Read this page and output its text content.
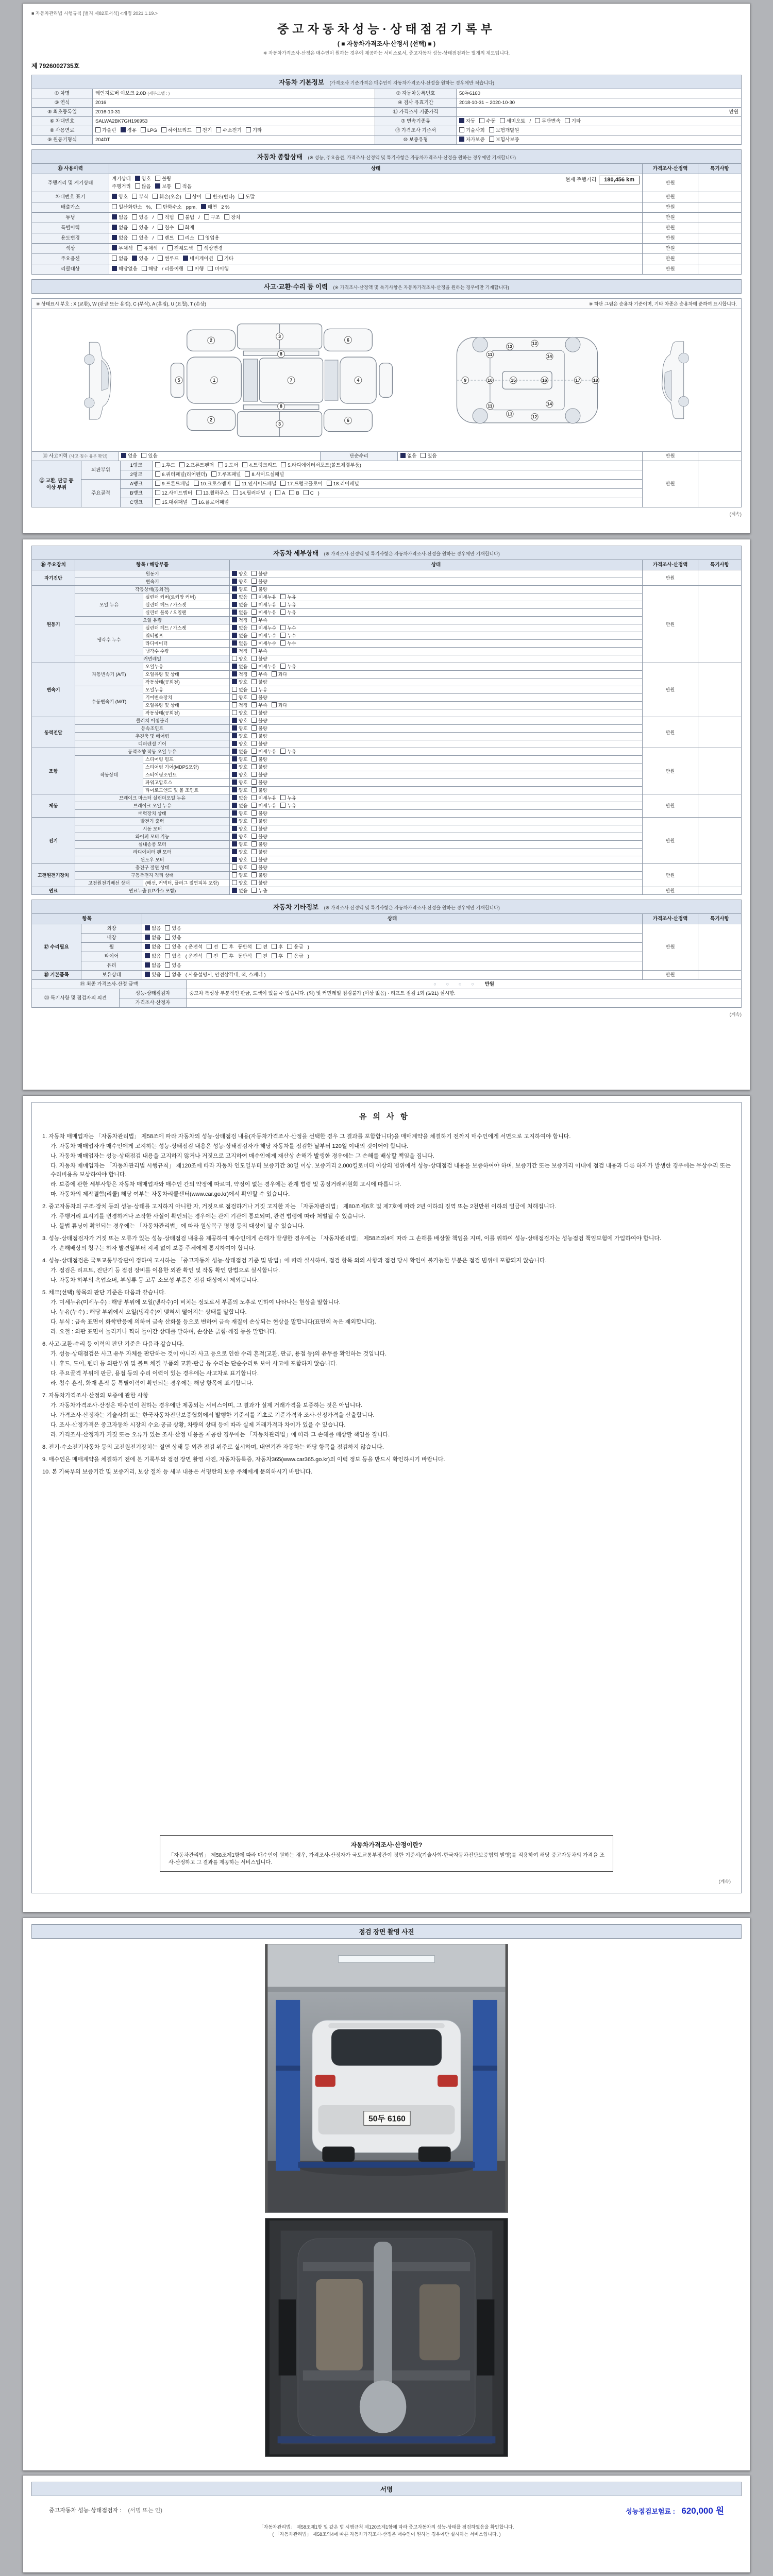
■ 자동차관리법 시행규칙 [별지 제82호서식] <개정 2021.1.19.>
중고자동차성능·상태점검기록부
( ■ 자동차가격조사·산정서 (선택) ■ )
※ 자동차가격조사·산정은 매수인이 원하는 경우에 제공하는 서비스로서, 중고자동차 성능·상태점검과는 별개의 제도입니다.
제 7926002735호
자동차 기본정보 (가격조사 기준가격은 매수인이 자동차가격조사·산정을 원하는 경우에만 적습니다)
① 차명	레인지로버 이보크 2.0D (세부모델 : )	② 자동차등록번호	50두6160
③ 연식	2016	④ 검사 유효기간	2018-10-31 ~ 2020-10-30
⑤ 최초등록일	2016-10-31	⑪ 가격조사 기준가격	만원
⑥ 차대번호	SALWA2BK7GH196953	⑦ 변속기종류	자동 수동 세미오토 / 무단변속 기타
⑧ 사용연료	가솔린 경유 LPG 하이브리드 전기 수소전기 기타	⑫ 가격조사 기준서	기술사회 보험개발원
⑨ 원동기형식	204DT	⑩ 보증유형	자가보증 보험사보증
자동차 종합상태 (※ 성능, 주요옵션, 가격조사·산정액 및 특기사항은 자동차가격조사·산정을 원하는 경우에만 기재합니다)
⑬ 사용이력	상태	가격조사·산정액	특기사항
주행거리 및 계기상태	현재 주행거리 180,456 km
계기상태 양호 불량
주행거리 많음 보통 적음	만원	
차대번호 표기	양호 부식 훼손(오손) 상이 변조(변타) 도말	만원	
배출가스	일산화탄소 %, 탄화수소 ppm, 매연 2 %	만원	
튜닝	없음 있음 / 적법 불법 / 구조 장치	만원	
특별이력	없음 있음 / 침수 화재	만원	
용도변경	없음 있음 / 렌트 리스 영업용	만원	
색상	무채색 유채색 / 전체도색 색상변경	만원	
주요옵션	없음 있음 / 썬루프 네비게이션 기타	만원	
리콜대상	해당없음 해당 / 리콜이행 이행 미이행	만원	
사고·교환·수리 등 이력 (※ 가격조사·산정액 및 특기사항은 자동차가격조사·산정을 원하는 경우에만 기재합니다)
※ 상태표시 부호 : X (교환), W (판금 또는 용접), C (부식), A (흠집), U (요철), T (손상)	※ 하단 그림은 승용차 기준이며, 기타 차종은 승용차에 준하여 표시합니다.
5	1
2
2
3
3
8
8
7
6
6
4	9	10
11
11
13
13
12
12
14
14
15	16	17	18
⑭ 사고이력 (사고·침수 유무 확인)	없음 있음	단순수리	없음 있음	만원	
⑮ 교환, 판금 등 이상 부위	외판부위	1랭크	1.후드 2.프론트펜더 3.도어 4.트렁크리드 5.라디에이터서포트(볼트체결부품)	만원	
		2랭크	6.쿼터패널(리어펜더) 7.루프패널 8.사이드실패널		
	주요골격	A랭크	9.프론트패널 10.크로스멤버 11.인사이드패널 17.트렁크플로어 18.리어패널		
		B랭크	12.사이드멤버 13.휠하우스 14.필러패널 ( A B C )		
		C랭크	15.대쉬패널 16.플로어패널		
(계속)
자동차 세부상태 (※ 가격조사·산정액 및 특기사항은 자동차가격조사·산정을 원하는 경우에만 기재합니다)
⑯ 주요장치	항목 / 해당부품		상태	가격조사·산정액	특기사항
자기진단	원동기		양호 불량	만원	
	변속기		양호 불량		
원동기	작동상태(공회전)		양호 불량	만원	
	오일 누유	실린더 커버(로커암 커버)	없음 미세누유 누유		
		실린더 헤드 / 가스켓	없음 미세누유 누유		
		실린더 블록 / 오일팬	없음 미세누유 누유		
	오일 유량		적정 부족		
	냉각수 누수	실린더 헤드 / 가스켓	없음 미세누수 누수		
		워터펌프	없음 미세누수 누수		
		라디에이터	없음 미세누수 누수		
		냉각수 수량	적정 부족		
	커먼레일		양호 불량		
변속기	자동변속기 (A/T)	오일누유	없음 미세누유 누유	만원	
		오일유량 및 상태	적정 부족 과다		
		작동상태(공회전)	양호 불량		
	수동변속기 (M/T)	오일누유	없음 누유		
		기어변속장치	양호 불량		
		오일유량 및 상태	적정 부족 과다		
		작동상태(공회전)	양호 불량		
동력전달	클러치 어셈블리		양호 불량	만원	
	등속조인트		양호 불량		
	추진축 및 베어링		양호 불량		
	디퍼렌셜 기어		양호 불량		
조향	동력조향 작동 오일 누유		없음 미세누유 누유	만원	
	작동상태	스티어링 펌프	양호 불량		
		스티어링 기어(MDPS포함)	양호 불량		
		스티어링조인트	양호 불량		
		파워고압호스	양호 불량		
		타이로드엔드 및 볼 조인트	양호 불량		
제동	브레이크 마스터 실린더오일 누유		없음 미세누유 누유	만원	
	브레이크 오일 누유		없음 미세누유 누유		
	배력장치 상태		양호 불량		
전기	발전기 출력		양호 불량	만원	
	시동 모터		양호 불량		
	와이퍼 모터 기능		양호 불량		
	실내송풍 모터		양호 불량		
	라디에이터 팬 모터		양호 불량		
	윈도우 모터		양호 불량		
고전원전기장치	충전구 절연 상태		양호 불량	만원	
	구동축전지 격리 상태		양호 불량		
	고전원전기배선 상태	(배선, 커넥터, 플러그 절연피복 포함)	양호 불량		
연료	연료누출 (LP가스 포함)		없음 누출	만원	
자동차 기타정보 (※ 가격조사·산정액 및 특기사항은 자동차가격조사·산정을 원하는 경우에만 기재합니다)
항목		상태	가격조사·산정액	특기사항
⑰ 수리필요	외장	없음 있음	만원	
	내장	없음 있음		
	휠	없음 있음 ( 운전석 전 후 동반석 전 후 응급 )		
	타이어	없음 있음 ( 운전석 전 후 동반석 전 후 응급 )		
	유리	없음 있음		
⑱ 기본품목	보유상태	있음 없음 ( 사용설명서, 안전삼각대, 잭, 스패너 )	만원	
⑲ 최종 가격조사·산정 금액	○ ○ ○ ○ 만원
⑳ 특기사항 및 점검자의 의견	성능·상태점검자	중고차 특성상 부분적인 판금, 도색이 있을 수 있습니다. (외) 및 커먼레일 점검불가 (이상 없음) · 리프트 점검 1회 (6/21) 실시함.
	가격조사·산정자	
(계속)
유의사항
1. 자동차 매매업자는 「자동차관리법」 제58조에 따라 자동차의 성능·상태점검 내용(자동차가격조사·산정을 선택한 경우 그 결과를 포함합니다)을 매매계약을 체결하기 전까지 매수인에게 서면으로 고지하여야 합니다.
가. 자동차 매매업자가 매수인에게 고지하는 성능·상태점검 내용은 성능·상태점검자가 해당 자동차를 점검한 날부터 120일 이내의 것이어야 합니다.
나. 자동차 매매업자는 성능·상태점검 내용을 고지하지 않거나 거짓으로 고지하여 매수인에게 재산상 손해가 발생한 경우에는 그 손해를 배상할 책임을 집니다.
다. 자동차 매매업자는 「자동차관리법 시행규칙」 제120조에 따라 자동차 인도일부터 보증기간 30일 이상, 보증거리 2,000킬로미터 이상의 범위에서 성능·상태점검 내용을 보증하여야 하며, 보증기간 또는 보증거리 이내에 점검 내용과 다른 하자가 발생한 경우에는 무상수리 또는 수리비용을 보상하여야 합니다.
라. 보증에 관한 세부사항은 자동차 매매업자와 매수인 간의 약정에 따르며, 약정이 없는 경우에는 관계 법령 및 공정거래위원회 고시에 따릅니다.
마. 자동차의 제작결함(리콜) 해당 여부는 자동차리콜센터(www.car.go.kr)에서 확인할 수 있습니다.
2. 중고자동차의 구조·장치 등의 성능·상태를 고지하지 아니한 자, 거짓으로 점검하거나 거짓 고지한 자는 「자동차관리법」 제80조제6호 및 제7호에 따라 2년 이하의 징역 또는 2천만원 이하의 벌금에 처해집니다.
가. 주행거리 표시기를 변경하거나 조작한 사실이 확인되는 경우에는 관계 기관에 통보되며, 관련 법령에 따라 처벌될 수 있습니다.
나. 불법 튜닝이 확인되는 경우에는 「자동차관리법」에 따라 원상복구 명령 등의 대상이 될 수 있습니다.
3. 성능·상태점검자가 거짓 또는 오류가 있는 성능·상태점검 내용을 제공하여 매수인에게 손해가 발생한 경우에는 「자동차관리법」 제58조의4에 따라 그 손해를 배상할 책임을 지며, 이를 위하여 성능·상태점검자는 성능점검 책임보험에 가입하여야 합니다.
가. 손해배상의 청구는 하자 발견일부터 지체 없이 보증 주체에게 통지하여야 합니다.
4. 성능·상태점검은 국토교통부장관이 정하여 고시하는 「중고자동차 성능·상태점검 기준 및 방법」에 따라 실시하며, 점검 항목 외의 사항과 점검 당시 확인이 불가능한 부분은 점검 범위에 포함되지 않습니다.
가. 점검은 리프트, 진단기 등 점검 장비를 이용한 외관 확인 및 작동 확인 방법으로 실시합니다.
나. 자동차 하부의 쇽업쇼버, 부싱류 등 고무 소모성 부품은 점검 대상에서 제외됩니다.
5. 체크(선택) 항목의 판단 기준은 다음과 같습니다.
가. 미세누유(미세누수) : 해당 부위에 오일(냉각수)이 비치는 정도로서 부품의 노후로 인하여 나타나는 현상을 말합니다.
나. 누유(누수) : 해당 부위에서 오일(냉각수)이 맺혀서 떨어지는 상태를 말합니다.
다. 부식 : 금속 표면이 화학반응에 의하여 금속 산화물 등으로 변하여 금속 재질이 손상되는 현상을 말합니다(표면의 녹은 제외합니다).
라. 요철 : 외판 표면이 눌리거나 찍혀 들어간 상태를 말하며, 손상은 긁힘·깨짐 등을 말합니다.
6. 사고·교환·수리 등 이력의 판단 기준은 다음과 같습니다.
가. 성능·상태점검은 사고 유무 자체를 판단하는 것이 아니라 사고 등으로 인한 수리 흔적(교환, 판금, 용접 등)의 유무를 확인하는 것입니다.
나. 후드, 도어, 펜더 등 외판부위 및 볼트 체결 부품의 교환·판금 등 수리는 단순수리로 보아 사고에 포함하지 않습니다.
다. 주요골격 부위에 판금, 용접 등의 수리 이력이 있는 경우에는 사고차로 표기합니다.
라. 침수 흔적, 화재 흔적 등 특별이력이 확인되는 경우에는 해당 항목에 표기합니다.
7. 자동차가격조사·산정의 보증에 관한 사항
가. 자동차가격조사·산정은 매수인이 원하는 경우에만 제공되는 서비스이며, 그 결과가 실제 거래가격을 보증하는 것은 아닙니다.
나. 가격조사·산정자는 기술사회 또는 한국자동차진단보증협회에서 발행한 기준서를 기초로 기준가격과 조사·산정가격을 산출합니다.
다. 조사·산정가격은 중고자동차 시장의 수요·공급 상황, 차량의 상태 등에 따라 실제 거래가격과 차이가 있을 수 있습니다.
라. 가격조사·산정자가 거짓 또는 오류가 있는 조사·산정 내용을 제공한 경우에는 「자동차관리법」에 따라 그 손해를 배상할 책임을 집니다.
8. 전기·수소전기자동차 등의 고전원전기장치는 절연 상태 등 외관 점검 위주로 실시하며, 내연기관 자동차는 해당 항목을 점검하지 않습니다.
9. 매수인은 매매계약을 체결하기 전에 본 기록부와 점검 장면 촬영 사진, 자동차등록증, 자동차365(www.car365.go.kr)의 이력 정보 등을 반드시 확인하시기 바랍니다.
10. 본 기록부의 보증기간 및 보증거리, 보상 절차 등 세부 내용은 서명란의 보증 주체에게 문의하시기 바랍니다.
자동차가격조사·산정이란?
「자동차관리법」 제58조제1항에 따라 매수인이 원하는 경우, 가격조사·산정자가 국토교통부장관이 정한 기준서(기술사회·한국자동차진단보증협회 발행)를 적용하여 해당 중고자동차의 가격을 조사·산정하고 그 결과를 제공하는 서비스입니다.
(계속)
점검 장면 촬영 사진
50두 6160
서명
중고자동차 성능·상태점검자 : (서명 또는 인)	성능점검보험료 : 620,000 원
「자동차관리법」 제58조제1항 및 같은 법 시행규칙 제120조제1항에 따라 중고자동차의 성능·상태를 점검하였음을 확인합니다.
( 「자동차관리법」 제58조의4에 따른 자동차가격조사·산정은 매수인이 원하는 경우에만 실시하는 서비스입니다. )
